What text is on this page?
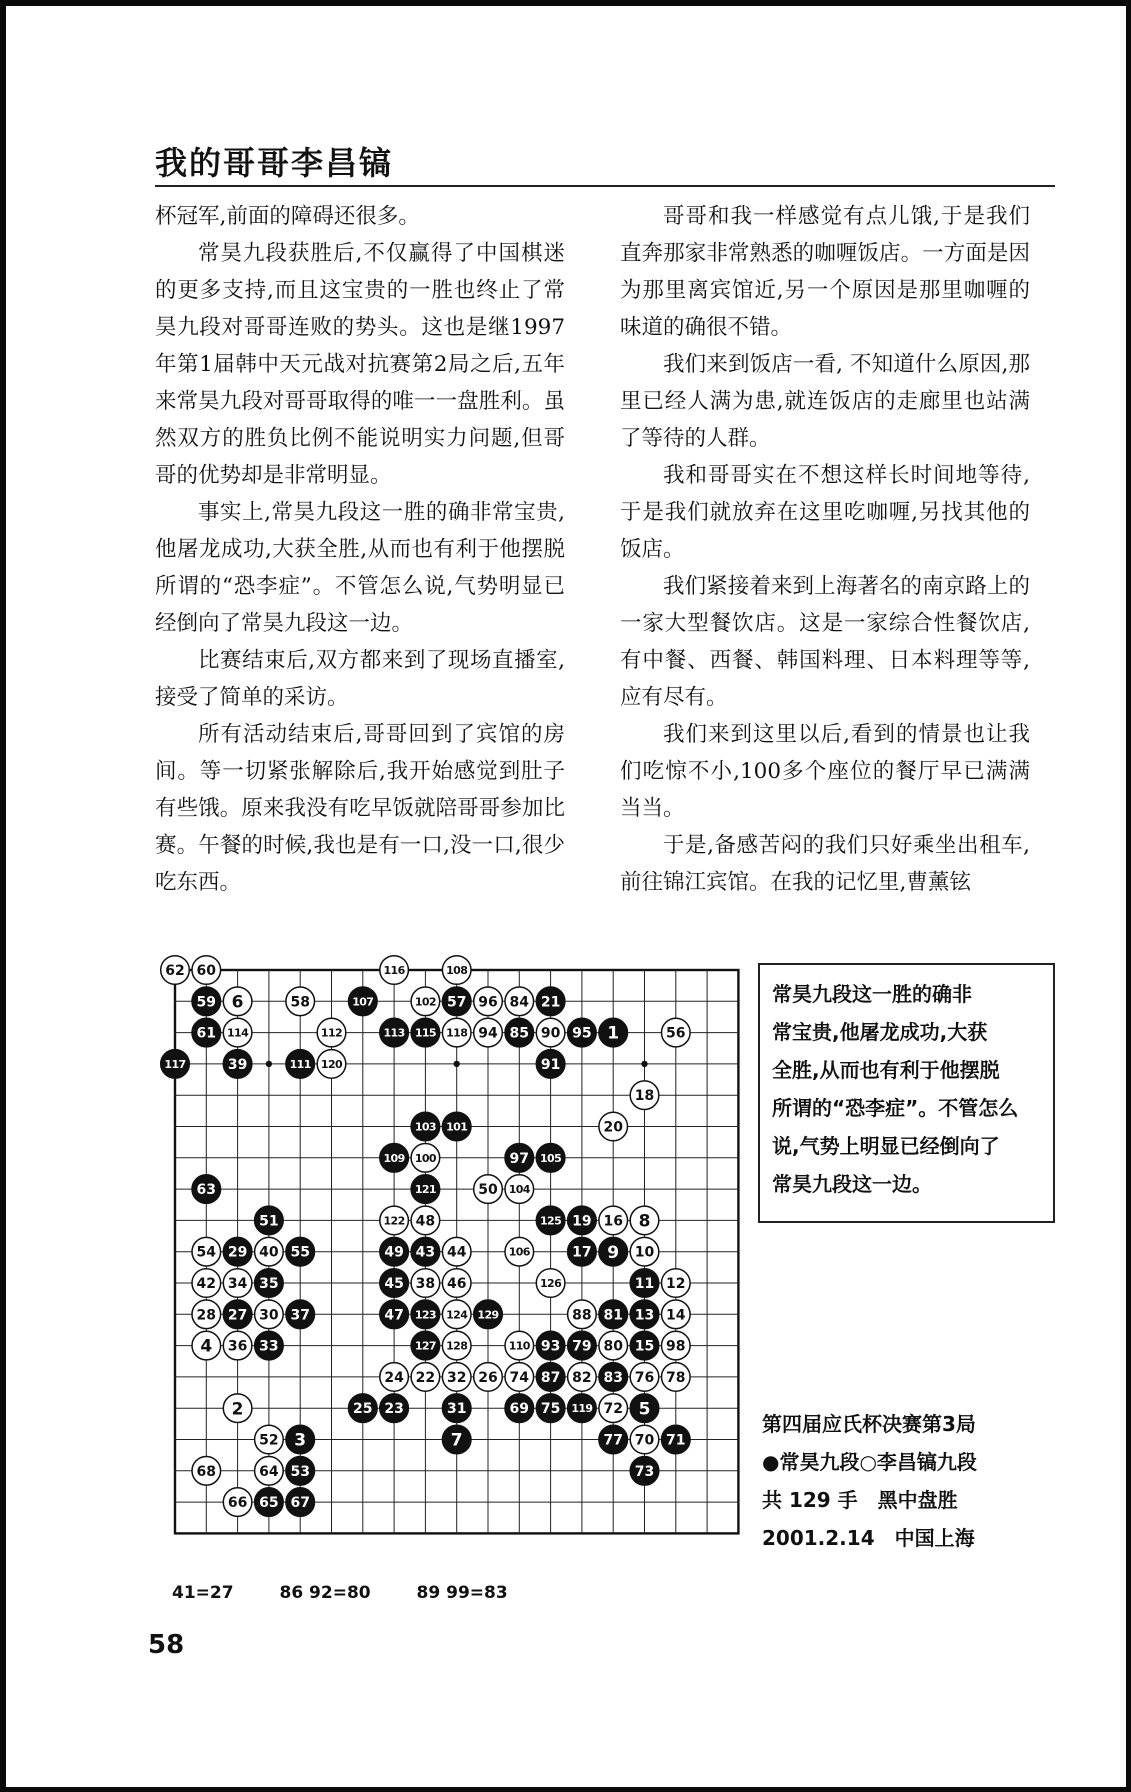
我的哥哥李昌镐

杯冠军,前面的障碍还很多。

常昊九段获胜后,不仅赢得了中国棋迷的更多支持,而且这宝贵的一胜也终止了常昊九段对哥哥连败的势头。这也是继1997年第1届韩中天元战对抗赛第2局之后,五年来常昊九段对哥哥取得的唯一一盘胜利。虽然双方的胜负比例不能说明实力问题,但哥哥的优势却是非常明显。

事实上,常昊九段这一胜的确非常宝贵,他屠龙成功,大获全胜,从而也有利于他摆脱所谓的“恐李症”。不管怎么说,气势明显已经倒向了常昊九段这一边。

比赛结束后,双方都来到了现场直播室,接受了简单的采访。

所有活动结束后,哥哥回到了宾馆的房间。等一切紧张解除后,我开始感觉到肚子有些饿。原来我没有吃早饭就陪哥哥参加比赛。午餐的时候,我也是有一口,没一口,很少吃东西。

哥哥和我一样感觉有点儿饿,于是我们直奔那家非常熟悉的咖喱饭店。一方面是因为那里离宾馆近,另一个原因是那里咖喱的味道的确很不错。

我们来到饭店一看, 不知道什么原因,那里已经人满为患,就连饭店的走廊里也站满了等待的人群。

我和哥哥实在不想这样长时间地等待,于是我们就放弃在这里吃咖喱,另找其他的饭店。

我们紧接着来到上海著名的南京路上的一家大型餐饮店。这是一家综合性餐饮店,有中餐、西餐、韩国料理、日本料理等等,应有尽有。

我们来到这里以后,看到的情景也让我们吃惊不小,100多个座位的餐厅早已满满当当。

于是,备感苦闷的我们只好乘坐出租车,前往锦江宾馆。在我的记忆里,曹薰铉

62 60	116	108
59 6	58	107	102 57 96 84 21
61 114	112	113 115 118 94 85 90 95 1	56
117	39	111 120	91
18
103 101	20
109 100	97 105
63	121	50 104
51	122 48	125 19 16 8
54 29 40 55	49 43 44	106	17 9 10
42 34 35	45 38 46	126	11 12
28 27 30 37	47 123 124 129	88 81 13 14
4 36 33	127 128	110 93 79 80 15 98
24 22 32 26 74 87 82 83 76 78
2	25 23	31	69 75 119 72 5
52 3	7	77 70 71
68	64 53	73
66 65 67
常昊九段这一胜的确非
常宝贵,他屠龙成功,大获
全胜,从而也有利于他摆脱
所谓的“恐李症”。不管怎么
说,气势上明显已经倒向了
常昊九段这一边。
第四届应氏杯决赛第3局
●常昊九段○李昌镐九段
共 129 手　黑中盘胜
2001.2.14　中国上海
41=27	86 92=80	89 99=83
58
